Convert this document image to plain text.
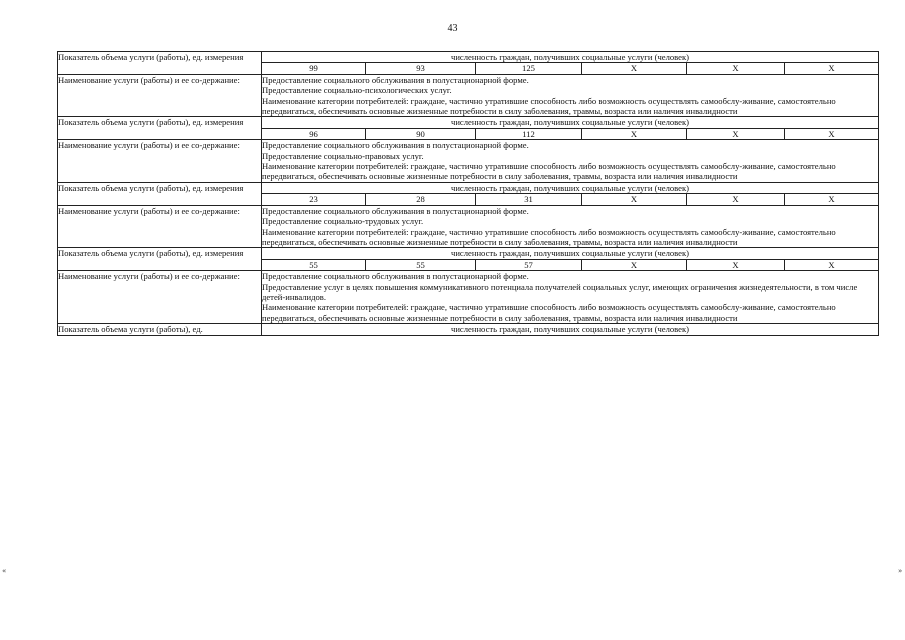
43
«	»
Показатель объема услуги (работы), ед. измерения	численность граждан, получивших социальные услуги (человек)					
	99	93	125	Х	Х	Х
Наименование услуги (работы) и ее со-держание:	Предоставление социального обслуживания в полустационарной форме.
Предоставление социально-психологических услуг.
Наименование категории потребителей: граждане, частично утратившие способность либо возможность осуществлять самообслу-живание, самостоятельно передвигаться, обеспечивать основные жизненные потребности в силу заболевания, травмы, возраста или наличия инвалидности					

Показатель объема услуги (работы), ед. измерения	численность граждан, получивших социальные услуги (человек)					
	96	90	112	Х	Х	Х
Наименование услуги (работы) и ее со-держание:	Предоставление социального обслуживания в полустационарной форме.
Предоставление социально-правовых услуг.
Наименование категории потребителей: граждане, частично утратившие способность либо возможность осуществлять самообслу-живание, самостоятельно передвигаться, обеспечивать основные жизненные потребности в силу заболевания, травмы, возраста или наличия инвалидности					

Показатель объема услуги (работы), ед. измерения	численность граждан, получивших социальные услуги (человек)					
	23	28	31	Х	Х	Х
Наименование услуги (работы) и ее со-держание:	Предоставление социального обслуживания в полустационарной форме.
Предоставление социально-трудовых услуг.
Наименование категории потребителей: граждане, частично утратившие способность либо возможность осуществлять самообслу-живание, самостоятельно передвигаться, обеспечивать основные жизненные потребности в силу заболевания, травмы, возраста или наличия инвалидности					

Показатель объема услуги (работы), ед. измерения	численность граждан, получивших социальные услуги (человек)					
	55	55	57	Х	Х	Х
Наименование услуги (работы) и ее со-держание:	Предоставление социального обслуживания в полустационарной форме.
Предоставление услуг в целях повышения коммуникативного потенциала получателей социальных услуг, имеющих ограничения жизнедеятельности, в том числе детей-инвалидов.
Наименование категории потребителей: граждане, частично утратившие способность либо возможность осуществлять самообслу-живание, самостоятельно передвигаться, обеспечивать основные жизненные потребности в силу заболевания, травмы, возраста или наличия инвалидности					

Показатель объема услуги (работы), ед.	численность граждан, получивших социальные услуги (человек)					
